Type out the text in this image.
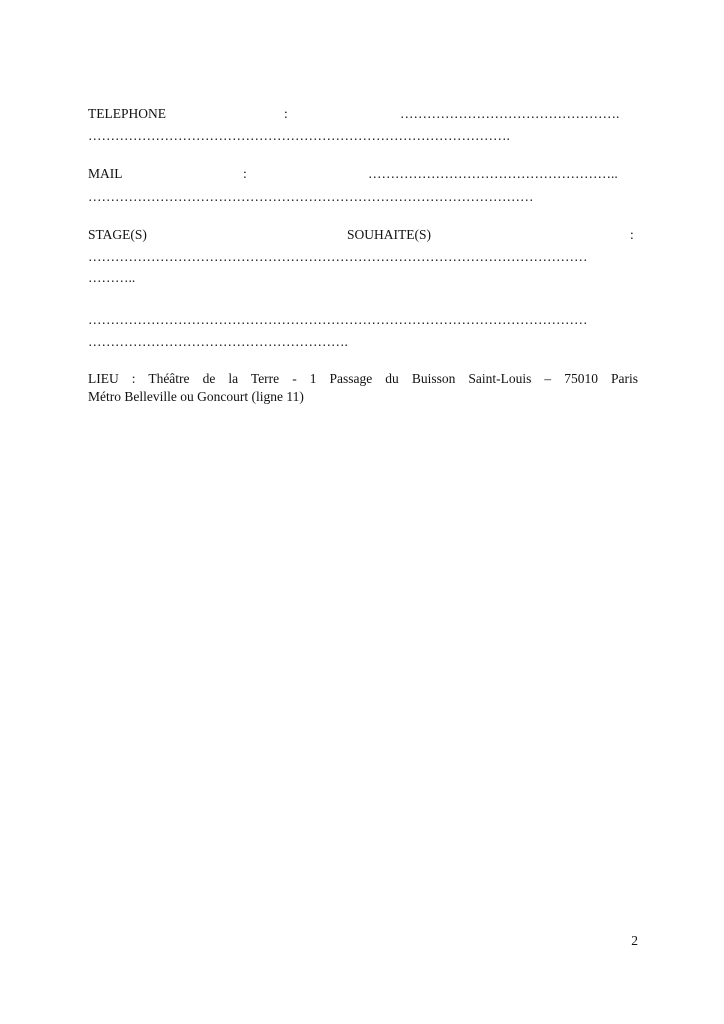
TELEPHONE	:	………………………………………….
………………………………………………………………………………….
MAIL	:	………………………………………………..
………………………………………………………………………………………
STAGE(S)	SOUHAITE(S)	:
…………………………………………………………………………………………………
………..
…………………………………………………………………………………………………
………………………………………………….
LIEU : Théâtre de la Terre - 1 Passage du Buisson Saint-Louis – 75010 Paris
Métro Belleville ou Goncourt (ligne 11)
2
